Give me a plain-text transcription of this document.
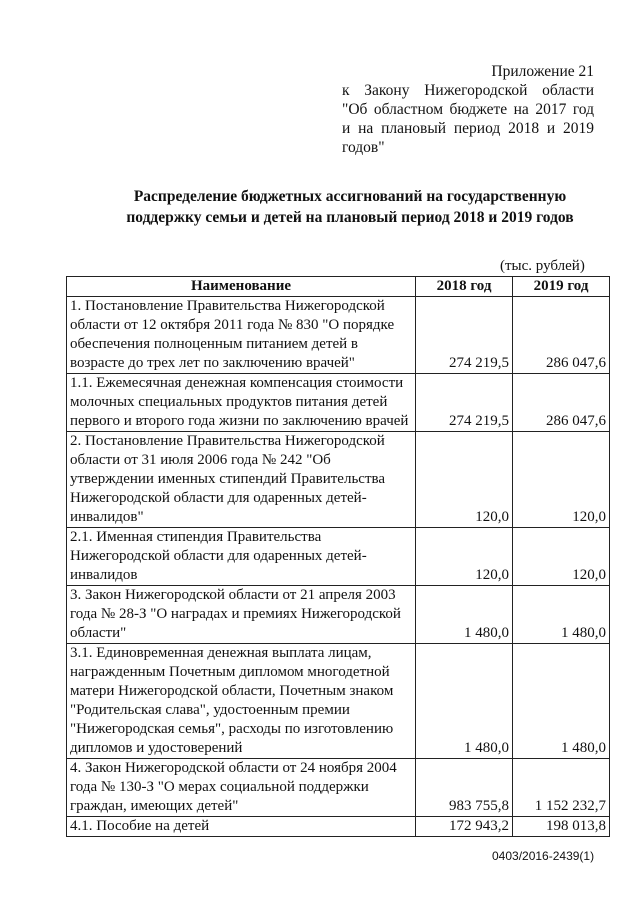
Приложение 21
к Закону Нижегородской области
"Об областном бюджете на 2017 год
и на плановый период 2018 и 2019
годов"
Распределение бюджетных ассигнований на государственную
поддержку семьи и детей на плановый период 2018 и 2019 годов
(тыс. рублей)
Наименование	2018 год	2019 год
1. Постановление Правительства Нижегородской области от 12 октября 2011 года № 830 "О порядке обеспечения полноценным питанием детей в возрасте до трех лет по заключению врачей"	274 219,5	286 047,6
1.1. Ежемесячная денежная компенсация стоимости молочных специальных продуктов питания детей первого и второго года жизни по заключению врачей	274 219,5	286 047,6
2. Постановление Правительства Нижегородской области от 31 июля 2006 года № 242 "Об утверждении именных стипендий Правительства Нижегородской области для одаренных детей-инвалидов"	120,0	120,0
2.1. Именная стипендия Правительства Нижегородской области для одаренных детей-инвалидов	120,0	120,0
3. Закон Нижегородской области от 21 апреля 2003 года № 28-З "О наградах и премиях Нижегородской области"	1 480,0	1 480,0
3.1. Единовременная денежная выплата лицам, награжденным Почетным дипломом многодетной матери Нижегородской области, Почетным знаком "Родительская слава", удостоенным премии "Нижегородская семья", расходы по изготовлению дипломов и удостоверений	1 480,0	1 480,0
4. Закон Нижегородской области от 24 ноября 2004 года № 130-З "О мерах социальной поддержки граждан, имеющих детей"	983 755,8	1 152 232,7
4.1. Пособие на детей	172 943,2	198 013,8
0403/2016-2439(1)
